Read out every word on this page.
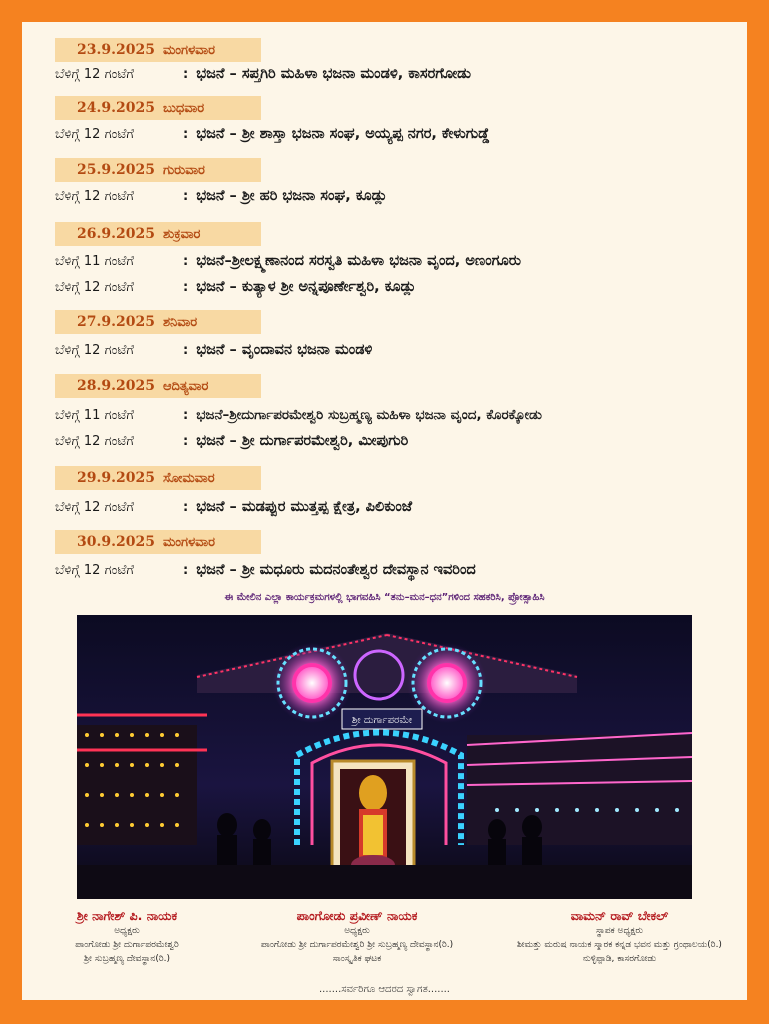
23.9.2025 ಮಂಗಳವಾರ
ಬೆಳಿಗ್ಗೆ 12 ಗಂಟೆಗೆ	: ಭಜನೆ – ಸಪ್ತಗಿರಿ ಮಹಿಳಾ ಭಜನಾ ಮಂಡಳಿ, ಕಾಸರಗೋಡು
24.9.2025 ಬುಧವಾರ
ಬೆಳಿಗ್ಗೆ 12 ಗಂಟೆಗೆ	: ಭಜನೆ – ಶ್ರೀ ಶಾಸ್ತಾ ಭಜನಾ ಸಂಘ, ಅಯ್ಯಪ್ಪ ನಗರ, ಕೇಳುಗುಡ್ಡೆ
25.9.2025 ಗುರುವಾರ
ಬೆಳಿಗ್ಗೆ 12 ಗಂಟೆಗೆ	: ಭಜನೆ – ಶ್ರೀ ಹರಿ ಭಜನಾ ಸಂಘ, ಕೂಡ್ಲು
26.9.2025 ಶುಕ್ರವಾರ
ಬೆಳಿಗ್ಗೆ 11 ಗಂಟೆಗೆ	: ಭಜನೆ–ಶ್ರೀಲಕ್ಷ್ಮಣಾನಂದ ಸರಸ್ವತಿ ಮಹಿಳಾ ಭಜನಾ ವೃಂದ, ಅಣಂಗೂರು
ಬೆಳಿಗ್ಗೆ 12 ಗಂಟೆಗೆ	: ಭಜನೆ – ಕುತ್ಯಾಳ ಶ್ರೀ ಅನ್ನಪೂರ್ಣೇಶ್ವರಿ, ಕೂಡ್ಲು
27.9.2025 ಶನಿವಾರ
ಬೆಳಿಗ್ಗೆ 12 ಗಂಟೆಗೆ	: ಭಜನೆ – ವೃಂದಾವನ ಭಜನಾ ಮಂಡಳಿ
28.9.2025 ಆದಿತ್ಯವಾರ
ಬೆಳಿಗ್ಗೆ 11 ಗಂಟೆಗೆ	: ಭಜನೆ–ಶ್ರೀದುರ್ಗಾಪರಮೇಶ್ವರಿ ಸುಬ್ರಹ್ಮಣ್ಯ ಮಹಿಳಾ ಭಜನಾ ವೃಂದ, ಕೊರಕ್ಕೋಡು
ಬೆಳಿಗ್ಗೆ 12 ಗಂಟೆಗೆ	: ಭಜನೆ – ಶ್ರೀ ದುರ್ಗಾಪರಮೇಶ್ವರಿ, ಮೀಪುಗುರಿ
29.9.2025 ಸೋಮವಾರ
ಬೆಳಿಗ್ಗೆ 12 ಗಂಟೆಗೆ	: ಭಜನೆ – ಮಡಪ್ಪುರ ಮುತ್ತಪ್ಪ ಕ್ಷೇತ್ರ, ಪಿಲಿಕುಂಜೆ
30.9.2025 ಮಂಗಳವಾರ
ಬೆಳಿಗ್ಗೆ 12 ಗಂಟೆಗೆ	: ಭಜನೆ – ಶ್ರೀ ಮಧೂರು ಮದನಂತೇಶ್ವರ ದೇವಸ್ಥಾನ ಇವರಿಂದ
ಈ ಮೇಲಿನ ಎಲ್ಲಾ ಕಾರ್ಯಕ್ರಮಗಳಲ್ಲಿ ಭಾಗವಹಿಸಿ “ತನು–ಮನ–ಧನ”ಗಳಿಂದ ಸಹಕರಿಸಿ, ಪ್ರೋತ್ಸಾಹಿಸಿ
ಶ್ರೀ ದುರ್ಗಾಪರಮೇ
ಶ್ರೀ ನಾಗೇಶ್ ಪಿ. ನಾಯಕ
ಅಧ್ಯಕ್ಷರು
ಪಾಂಗೋಡು ಶ್ರೀ ದುರ್ಗಾಪರಮೇಶ್ವರಿ
ಶ್ರೀ ಸುಬ್ರಹ್ಮಣ್ಯ ದೇವಸ್ಥಾನ(ರಿ.)
ಪಾಂಗೋಡು ಪ್ರವೀಣ್ ನಾಯಕ
ಅಧ್ಯಕ್ಷರು
ಪಾಂಗೋಡು ಶ್ರೀ ದುರ್ಗಾಪರಮೇಶ್ವರಿ ಶ್ರೀ ಸುಬ್ರಹ್ಮಣ್ಯ ದೇವಸ್ಥಾನ(ರಿ.)
ಸಾಂಸ್ಕೃತಿಕ ಘಟಕ
ವಾಮನ್ ರಾವ್ ಬೇಕಲ್
ಸ್ಥಾಪಕ ಅಧ್ಯಕ್ಷರು
ಶೀಮತ್ತು ಮರುಷ ನಾಯಕ ಸ್ಮಾರಕ ಕನ್ನಡ ಭವನ ಮತ್ತು ಗ್ರಂಥಾಲಯ(ರಿ.)
ನುಳ್ಳಿಪ್ಪಾಡಿ, ಕಾಸರಗೋಡು
.......ಸರ್ವರಿಗೂ ಆದರದ ಸ್ವಾಗತ.......
